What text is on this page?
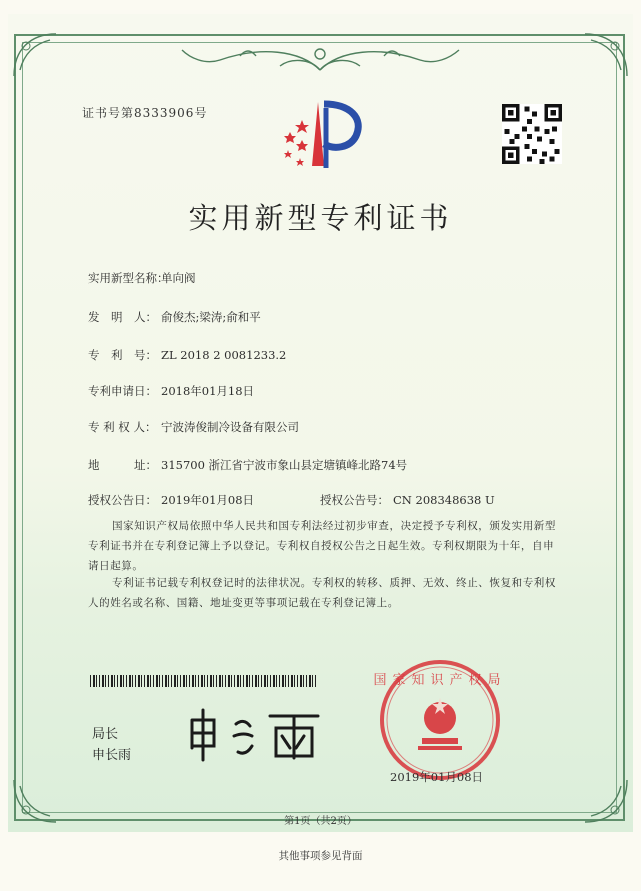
证书号第8333906号
实用新型专利证书
实用新型名称：单向阀
发　明　人： 俞俊杰;梁涛;俞和平
专　利　号： ZL 2018 2 0081233.2
专利申请日： 2018年01月18日
专 利 权 人： 宁波涛俊制冷设备有限公司
地　　　址： 315700 浙江省宁波市象山县定塘镇峰北路74号
授权公告日： 2019年01月08日	授权公告号： CN 208348638 U
国家知识产权局依照中华人民共和国专利法经过初步审查，决定授予专利权，颁发实用新型专利证书并在专利登记簿上予以登记。专利权自授权公告之日起生效。专利权期限为十年，自申请日起算。
专利证书记载专利权登记时的法律状况。专利权的转移、质押、无效、终止、恢复和专利权人的姓名或名称、国籍、地址变更等事项记载在专利登记簿上。
局长
申长雨
国家知识产权局
2019年01月08日
第1页（共2页）
其他事项参见背面
